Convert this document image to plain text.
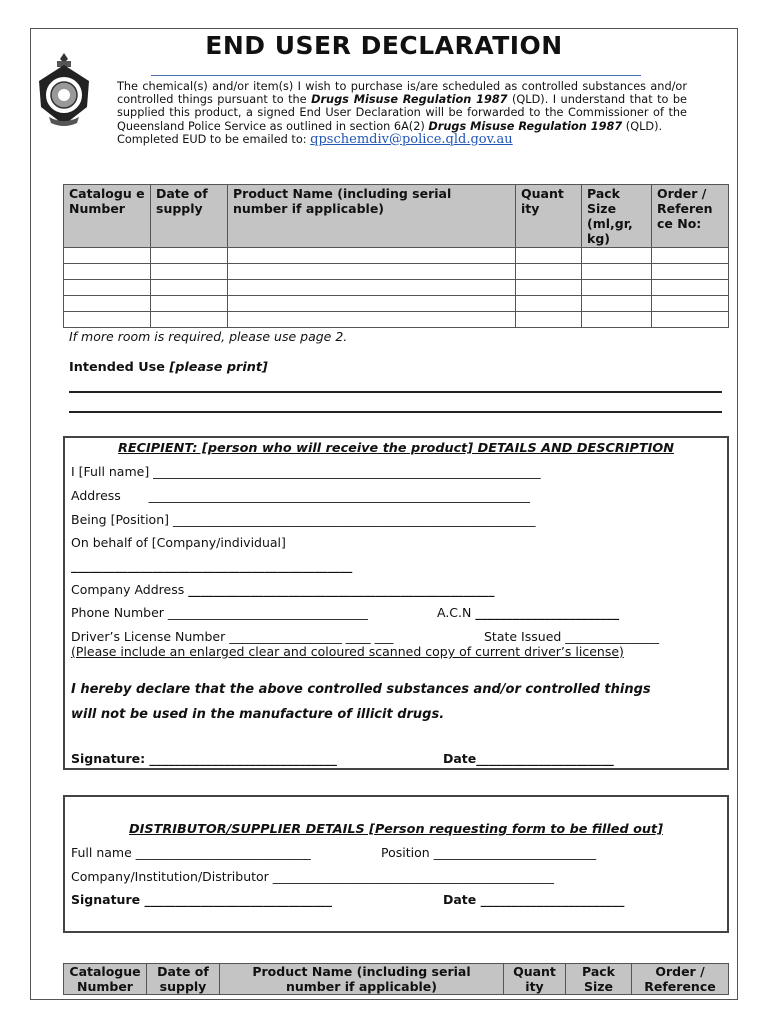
END USER DECLARATION
The chemical(s) and/or item(s) I wish to purchase is/are scheduled as controlled substances and/or controlled things pursuant to the Drugs Misuse Regulation 1987 (QLD). I understand that to be supplied this product, a signed End User Declaration will be forwarded to the Commissioner of the Queensland Police Service as outlined in section 6A(2) Drugs Misuse Regulation 1987 (QLD).
Completed EUD to be emailed to: qpschemdiv@police.qld.gov.au
Catalogu e Number	Date of supply	Product Name (including serial number if applicable)	Quant ity	Pack Size (ml,gr, kg)	Order / Referen ce No:

If more room is required, please use page 2.
Intended Use [please print]
RECIPIENT: [person who will receive the product] DETAILS AND DESCRIPTION
I [Full name] ______________________________________________________________
Address       _____________________________________________________________
Being [Position] __________________________________________________________
On behalf of [Company/individual]
_____________________________________________
Company Address _________________________________________________
Phone Number ________________________________	A.C.N _______________________
Driver’s License Number __________________ ____ ___	State Issued _______________
(Please include an enlarged clear and coloured scanned copy of current driver’s license)
I hereby declare that the above controlled substances and/or controlled things
will not be used in the manufacture of illicit drugs.
Signature: ______________________________	Date______________________
DISTRIBUTOR/SUPPLIER DETAILS [Person requesting form to be filled out]
Full name ____________________________	Position __________________________
Company/Institution/Distributor _____________________________________________
Signature ______________________________	Date _______________________
Catalogue Number	Date of supply	Product Name (including serial number if applicable)	Quant ity	Pack Size	Order / Reference
